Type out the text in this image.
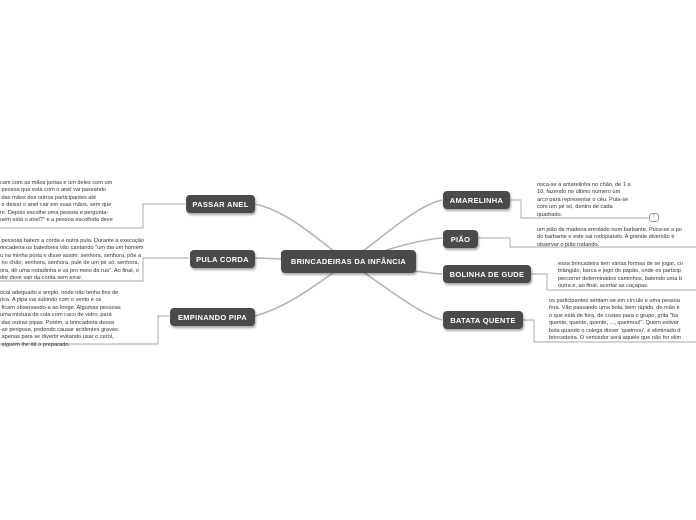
BRINCADEIRAS DA INFÂNCIA
PASSAR ANEL
PULA CORDA
EMPINANDO PIPA
AMARELINHA
PIÃO
BOLINHA DE GUDE
BATATA QUENTE
cam com as mãos juntas e um deles com um
pessoa que está com o anel vai passando
das mãos dos outros participantes até
e deixar o anel cair em suas mãos, sem que
m. Depois escolhe uma pessoa e pergunta-
uem está o anel?" e a pessoa escolhida deve
pessoas batem a corda e outra pula. Durante a execução
rincadeira os batedores vão cantando "um dia um homem
u na minha porta e disse assim: senhora, senhora, põe a
no chão; senhora, senhora, pule de um pé só; senhora,
ora, dê uma rodadinha e vá pro meio da rua". Ao final, o
dor deve sair da corda sem errar.
ocal adequado e amplo, onde não tenha fios de
rica. A pipa vai subindo com o vento e os
ficam observando-a ao longe. Algumas pessoas
uma mistura de cola com caco de vidro, para
das outras pipas. Porém, a brincadeira dessa
-se perigosa, podendo causar acidentes graves.
apenas para se divertir evitando usar o cerol,
alguém lhe dê o preparado.
risca-se a amarelinha no chão, de 1 a
10, fazendo no último número um
arco para representar o céu. Pula-se
com um pé só, dentro de cada
quadrado.
um pião de madeira enrolado num barbante. Puxa-se a po
do barbante e este sai rodopiando. A grande diversão é
observar o pião rodando.
essa brincadeira tem várias formas de se jogar, co
triângulo, barca e jogo do papão, onde os particip
percorrer determinados caminhos, batendo uma b
outra e, ao final, acertar as caçapas.
os participantes sentam-se em círculo e uma pessoa
fora. Vão passando uma bola, bem rápido, de mão e
o que está de fora, de costas para o grupo, grita "ba
quente, quente, quente, ..., queimou!". Quem estiver
bola quando o colega disser 'queimou', é eliminado d
brincadeira. O vencedor será aquele que não for elim
!
